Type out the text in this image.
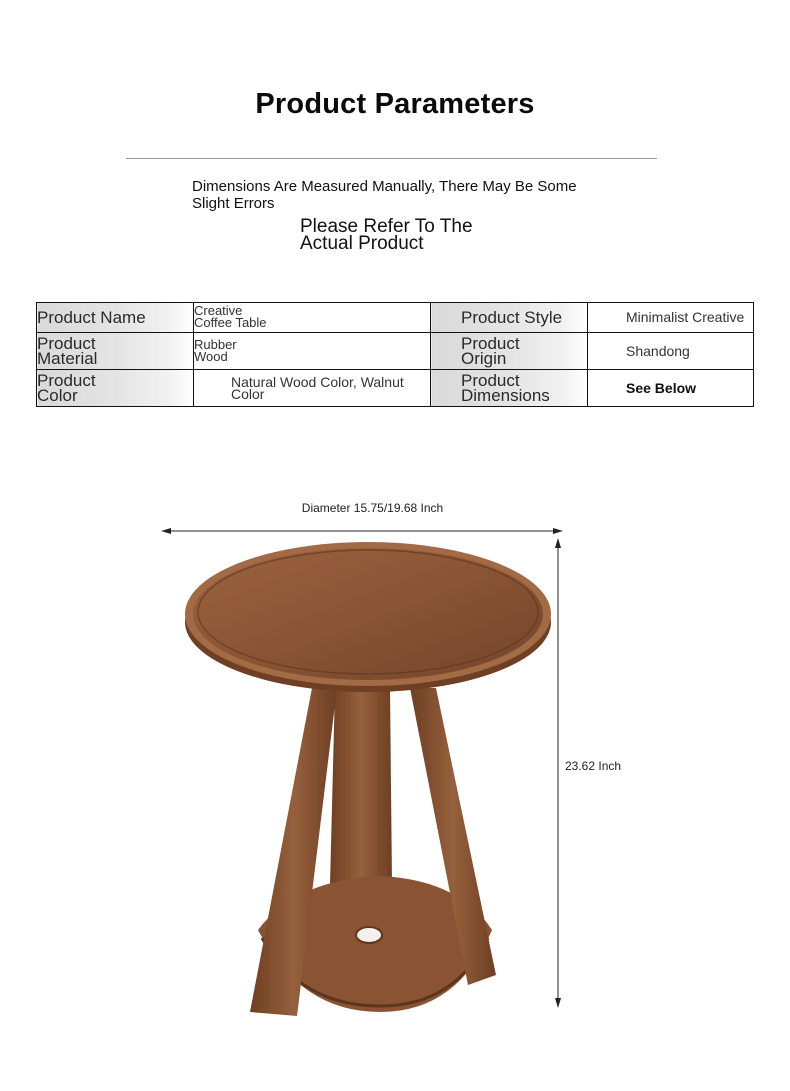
Product Parameters
Dimensions Are Measured Manually, There May Be Some Slight Errors
Please Refer To The Actual Product
Product Name	Creative Coffee Table	Product Style	Minimalist Creative

Product Material	Rubber Wood	Product Origin	Shandong

Product Color	Natural Wood Color, Walnut Color	Product Dimensions	See Below
Diameter 15.75/19.68 Inch
23.62 Inch
